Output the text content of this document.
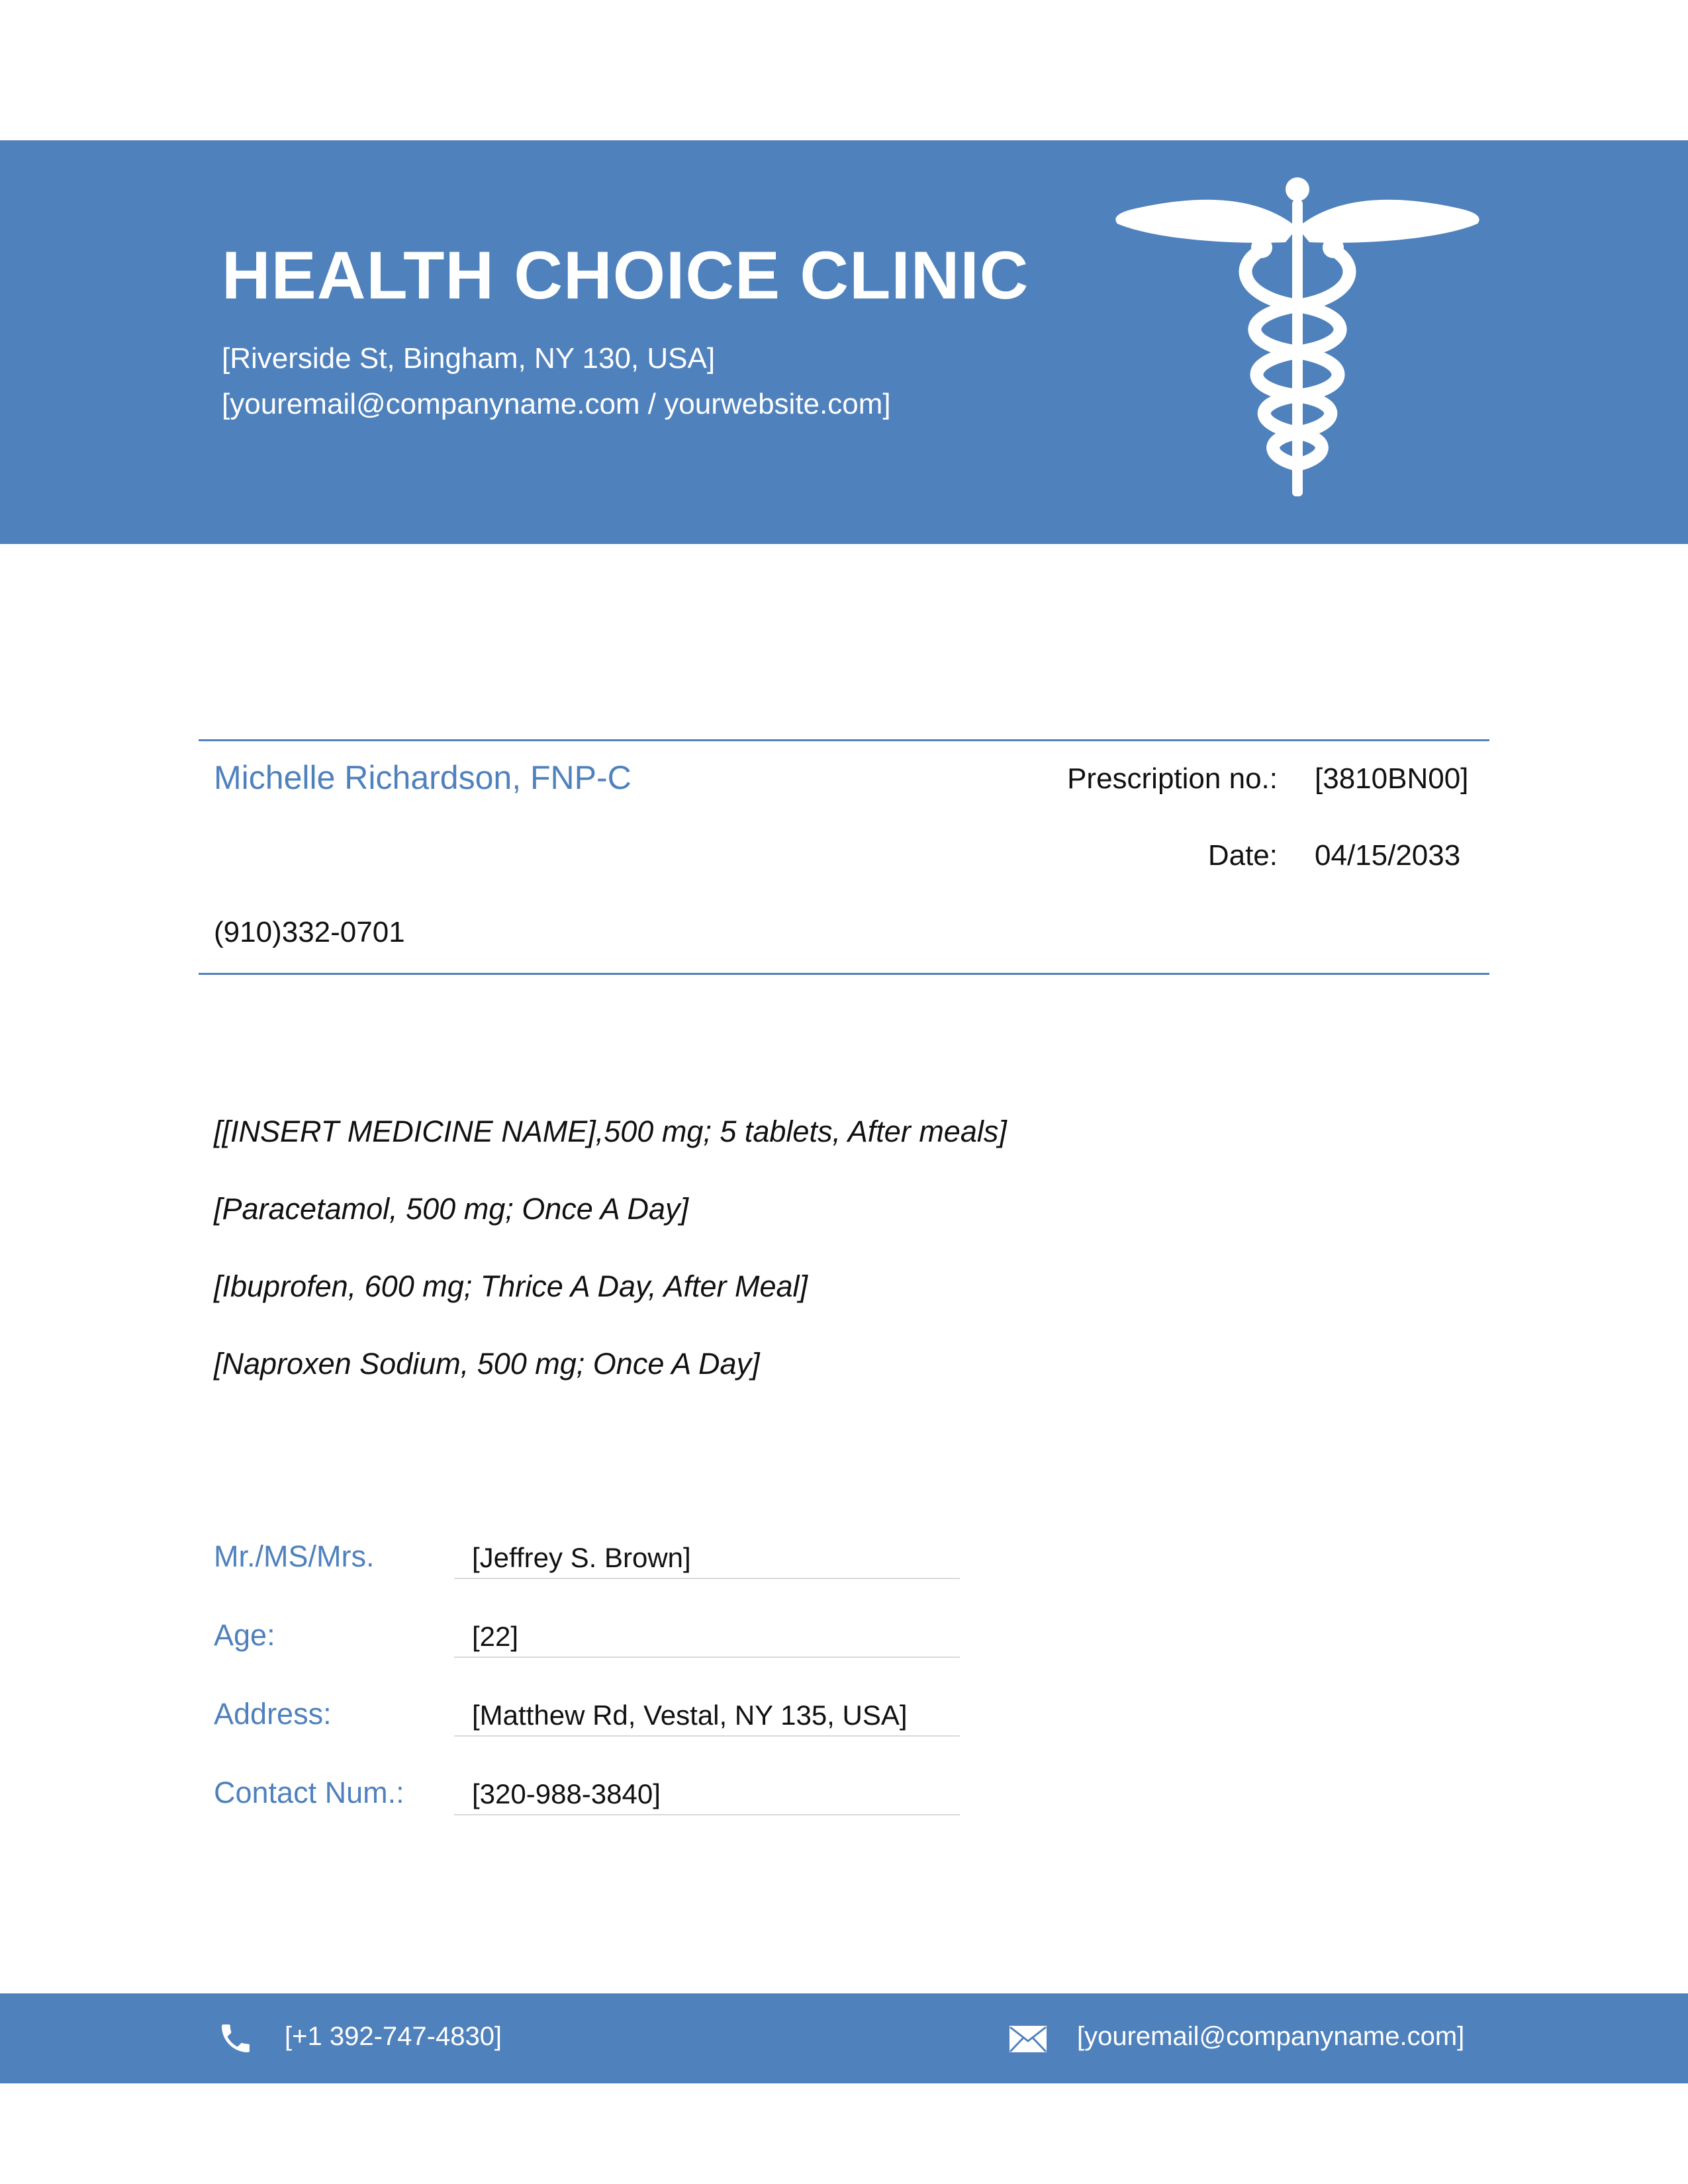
HEALTH CHOICE CLINIC
[Riverside St, Bingham, NY 130, USA]
[youremail@companyname.com / yourwebsite.com]
Michelle Richardson, FNP-C	Prescription no.: [3810BN00]
Date: 04/15/2033
(910)332-0701
[[INSERT MEDICINE NAME],500 mg; 5 tablets, After meals]
[Paracetamol, 500 mg; Once A Day]
[Ibuprofen, 600 mg; Thrice A Day, After Meal]
[Naproxen Sodium, 500 mg; Once A Day]
Mr./MS/Mrs.	[Jeffrey S. Brown]
Age:	[22]
Address:	[Matthew Rd, Vestal, NY 135, USA]
Contact Num.:	[320-988-3840]
[+1 392-747-4830]	[youremail@companyname.com]
